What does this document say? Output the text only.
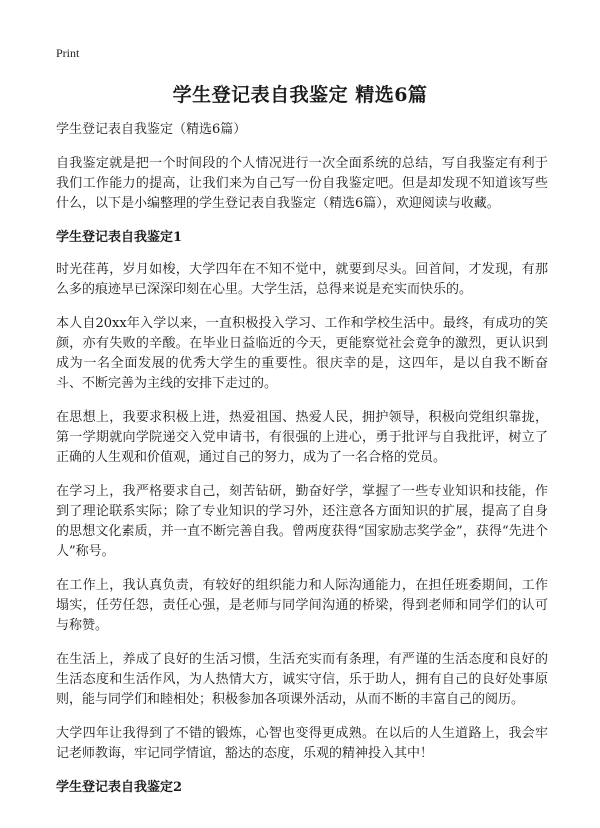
Print
学生登记表自我鉴定 精选6篇

学生登记表自我鉴定（精选6篇）

自我鉴定就是把一个时间段的个人情况进行一次全面系统的总结，写自我鉴定有利于我们工作能力的提高，让我们来为自己写一份自我鉴定吧。但是却发现不知道该写些什么，以下是小编整理的学生登记表自我鉴定（精选6篇），欢迎阅读与收藏。

学生登记表自我鉴定1

时光荏苒，岁月如梭，大学四年在不知不觉中，就要到尽头。回首间，才发现，有那么多的痕迹早已深深印刻在心里。大学生活，总得来说是充实而快乐的。

本人自20xx年入学以来，一直积极投入学习、工作和学校生活中。最终，有成功的笑颜，亦有失败的辛酸。在毕业日益临近的今天，更能察觉社会竟争的激烈，更认识到成为一名全面发展的优秀大学生的重要性。很庆幸的是，这四年，是以自我不断奋斗、不断完善为主线的安排下走过的。

在思想上，我要求积极上进，热爱祖国、热爱人民，拥护领导，积极向党组织靠拢，第一学期就向学院递交入党申请书，有很强的上进心，勇于批评与自我批评，树立了正确的人生观和价值观，通过自己的努力，成为了一名合格的党员。

在学习上，我严格要求自己，刻苦钻研，勤奋好学，掌握了一些专业知识和技能，作到了理论联系实际；除了专业知识的学习外，还注意各方面知识的扩展，提高了自身的思想文化素质，并一直不断完善自我。曾两度获得“国家励志奖学金”，获得“先进个人”称号。

在工作上，我认真负责，有较好的组织能力和人际沟通能力，在担任班委期间，工作塌实，任劳任怨，责任心强，是老师与同学间沟通的桥梁，得到老师和同学们的认可与称赞。

在生活上，养成了良好的生活习惯，生活充实而有条理，有严谨的生活态度和良好的生活态度和生活作风，为人热情大方，诚实守信，乐于助人，拥有自己的良好处事原则，能与同学们和睦相处；积极参加各项课外活动，从而不断的丰富自己的阅历。

大学四年让我得到了不错的锻炼，心智也变得更成熟。在以后的人生道路上，我会牢记老师教诲，牢记同学情谊，豁达的态度，乐观的精神投入其中！

学生登记表自我鉴定2
